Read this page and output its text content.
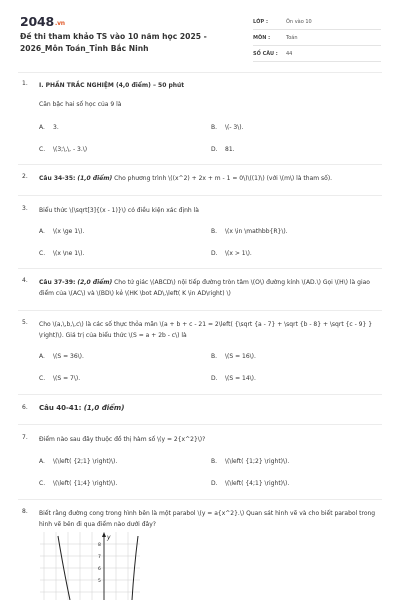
2048.vn
Đề thi tham khảo TS vào 10 năm học 2025 - 2026_Môn Toán_Tỉnh Bắc Ninh
LỚP :	Ôn vào 10
MÔN :	Toán
SỐ CÂU :	44
1. I. PHẦN TRẮC NGHIỆM (4,0 điểm) – 50 phút
Căn bậc hai số học của 9 là
A. 3.	B. \(- 3\).
C. \(3;\,\, - 3.\)	D. 81.
2. Câu 34-35: (1,0 điểm) Cho phương trình \((x^2) + 2x + m - 1 = 0\)\((1)\) (với \(m\) là tham số).
3. Biểu thức \(\sqrt[3]{(x - 1)}\) có điều kiện xác định là
A. \(x \ge 1\).	B. \(x \in \mathbb{R}\).
C. \(x \ne 1\).	D. \(x > 1\).
4. Câu 37-39: (2,0 điểm) Cho tứ giác \(ABCD\) nội tiếp đường tròn tâm \(O\) đường kính \(AD.\) Gọi \(H\) là giao điểm của \(AC\) và \(BD\) kẻ \(HK \bot AD\,\left( K \in AD\right) \)
5. Cho \(a,\,b,\,c\) là các số thực thỏa mãn \(a + b + c - 21 = 2\left( {\sqrt {a - 7} + \sqrt {b - 8} + \sqrt {c - 9} } \right)\). Giá trị của biểu thức \(S = a + 2b - c\) là
A. \(S = 36\).	B. \(S = 16\).
C. \(S = 7\).	D. \(S = 14\).
6. Câu 40-41: (1,0 điểm)
7. Điểm nào sau đây thuộc đồ thị hàm số \(y = 2{x^2}\)?
A. \(\left( {2;1} \right)\).	B. \(\left( {1;2} \right)\).
C. \(\left( {1;4} \right)\).	D. \(\left( {4;1} \right)\).
8. Biết rằng đường cong trong hình bên là một parabol \(y = a{x^2}.\) Quan sát hình vẽ và cho biết parabol trong hình vẽ bên đi qua điểm nào dưới đây?
y
8
7
6
5
